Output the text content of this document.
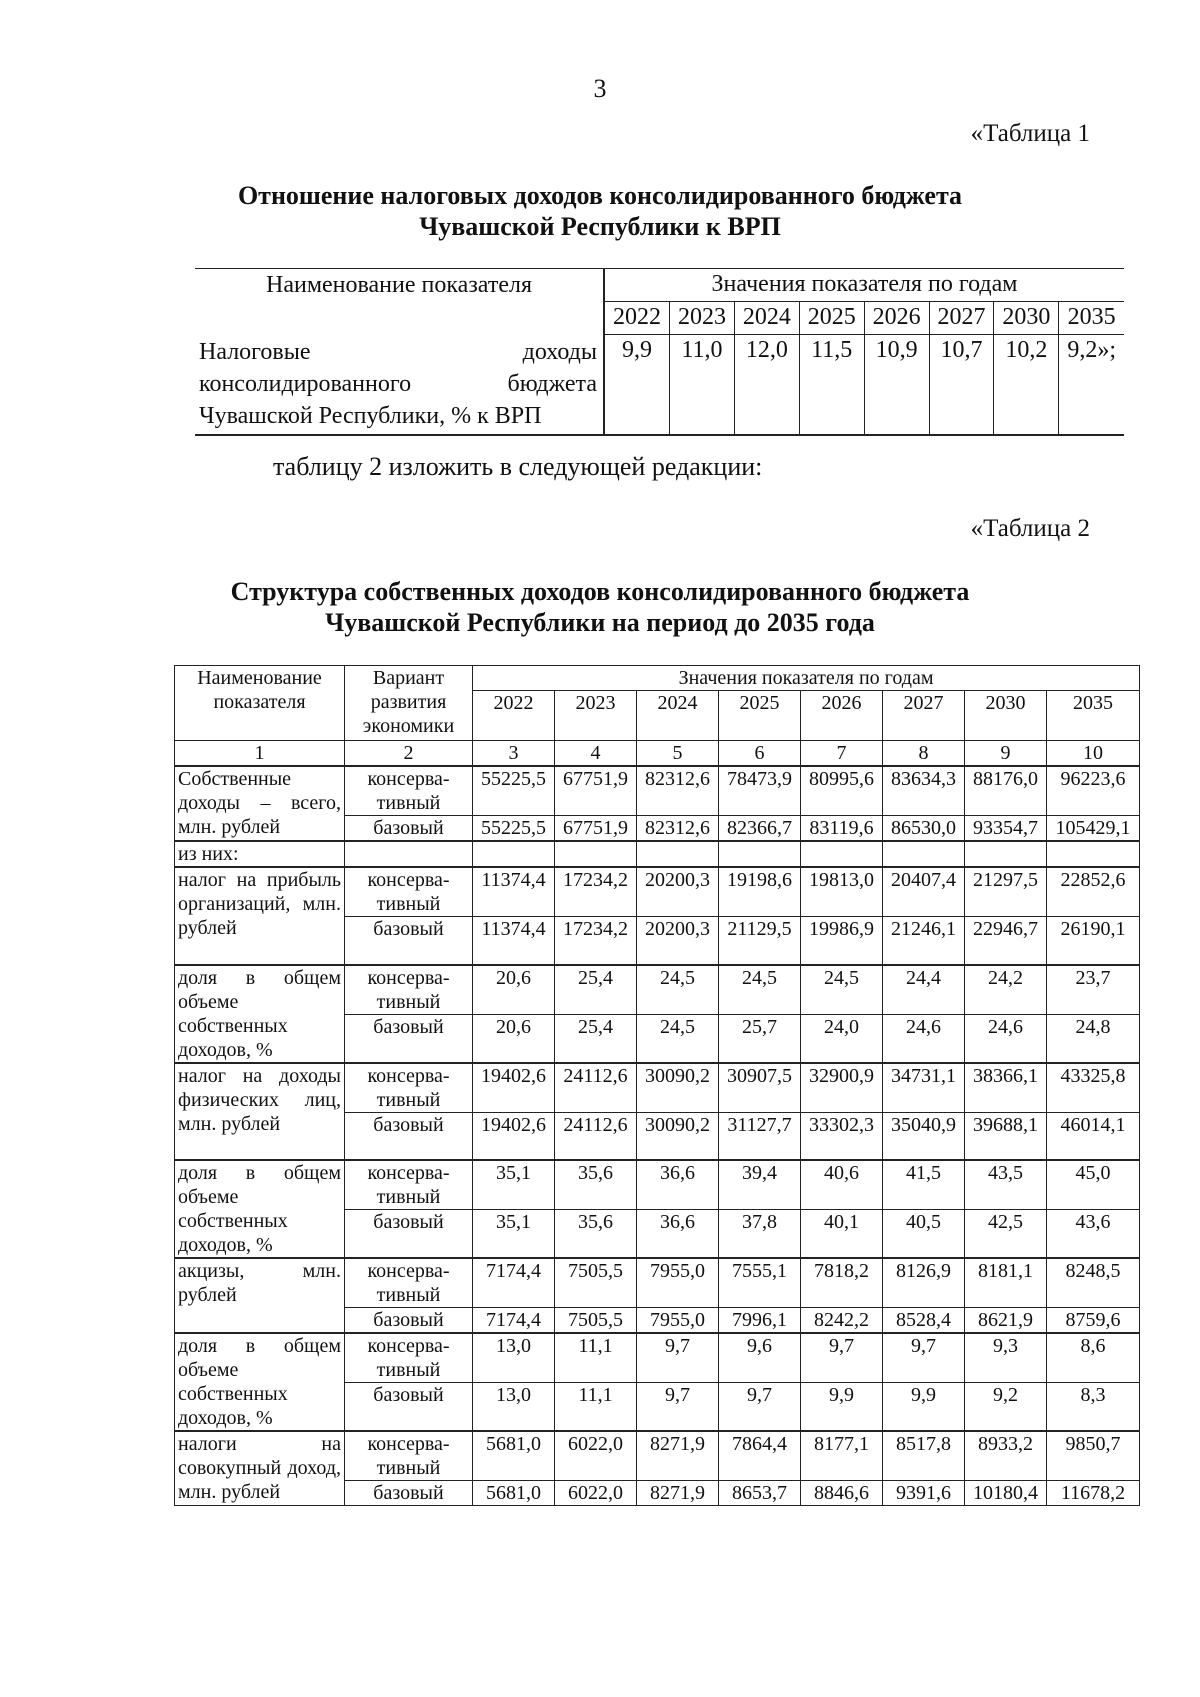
3
«Таблица 1
Отношение налоговых доходов консолидированного бюджета
Чувашской Республики к ВРП
Наименование показателя	Значения показателя по годам							
	2022	2023	2024	2025	2026	2027	2030	2035
Налоговые доходы консолидированного бюджета Чувашской Республики, % к ВРП	9,9	11,0	12,0	11,5	10,9	10,7	10,2	9,2»;
таблицу 2 изложить в следующей редакции:
«Таблица 2
Структура собственных доходов консолидированного бюджета
Чувашской Республики на период до 2035 года
Наименование показателя	Вариант развития экономики	Значения показателя по годам							
		2022	2023	2024	2025	2026	2027	2030	2035
1	2	3	4	5	6	7	8	9	10
Собственные доходы – всего, млн. рублей	консерва-тивный	55225,5	67751,9	82312,6	78473,9	80995,6	83634,3	88176,0	96223,6
	базовый	55225,5	67751,9	82312,6	82366,7	83119,6	86530,0	93354,7	105429,1
из них:									
налог на прибыль организаций, млн. рублей	консерва-тивный	11374,4	17234,2	20200,3	19198,6	19813,0	20407,4	21297,5	22852,6
	базовый	11374,4	17234,2	20200,3	21129,5	19986,9	21246,1	22946,7	26190,1
доля в общем объеме собственных доходов, %	консерва-тивный	20,6	25,4	24,5	24,5	24,5	24,4	24,2	23,7
	базовый	20,6	25,4	24,5	25,7	24,0	24,6	24,6	24,8
налог на доходы физических лиц, млн. рублей	консерва-тивный	19402,6	24112,6	30090,2	30907,5	32900,9	34731,1	38366,1	43325,8
	базовый	19402,6	24112,6	30090,2	31127,7	33302,3	35040,9	39688,1	46014,1
доля в общем объеме собственных доходов, %	консерва-тивный	35,1	35,6	36,6	39,4	40,6	41,5	43,5	45,0
	базовый	35,1	35,6	36,6	37,8	40,1	40,5	42,5	43,6
акцизы, млн. рублей	консерва-тивный	7174,4	7505,5	7955,0	7555,1	7818,2	8126,9	8181,1	8248,5
	базовый	7174,4	7505,5	7955,0	7996,1	8242,2	8528,4	8621,9	8759,6
доля в общем объеме собственных доходов, %	консерва-тивный	13,0	11,1	9,7	9,6	9,7	9,7	9,3	8,6
	базовый	13,0	11,1	9,7	9,7	9,9	9,9	9,2	8,3
налоги на совокупный доход, млн. рублей	консерва-тивный	5681,0	6022,0	8271,9	7864,4	8177,1	8517,8	8933,2	9850,7
	базовый	5681,0	6022,0	8271,9	8653,7	8846,6	9391,6	10180,4	11678,2
